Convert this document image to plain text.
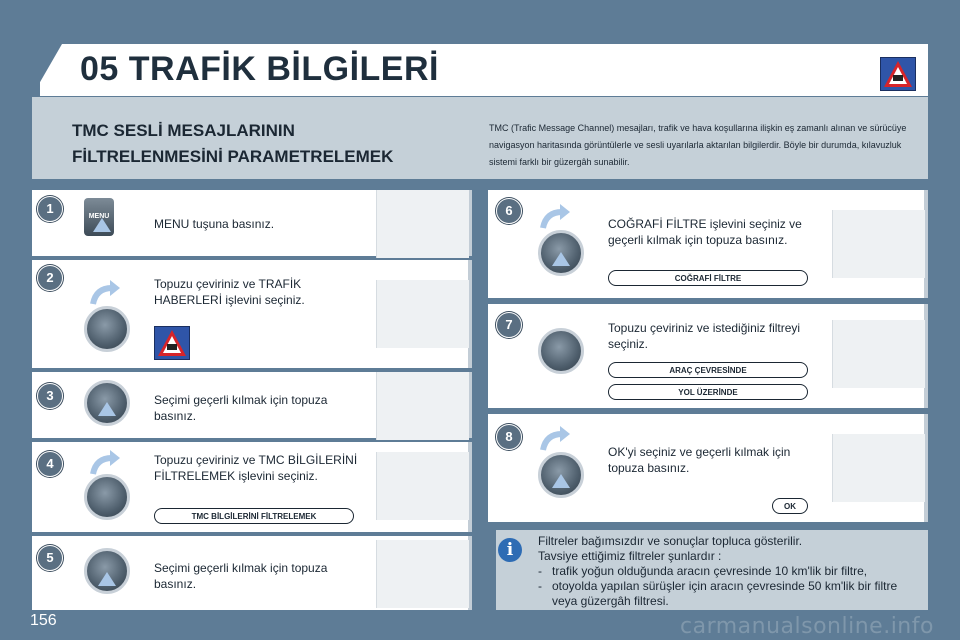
05 TRAFİK BİLGİLERİ
TMC SESLİ MESAJLARININ
FİLTRELENMESİNİ PARAMETRELEMEK
TMC (Trafic Message Channel) mesajları, trafik ve hava koşullarına ilişkin eş zamanlı alınan ve sürücüye navigasyon haritasında görüntülerle ve sesli uyarılarla aktarılan bilgilerdir. Böyle bir durumda, kılavuzluk sistemi farklı bir güzergâh sunabilir.
MENU
MENU tuşuna basınız.
1
Topuzu çeviriniz ve TRAFİK HABERLERİ işlevini seçiniz.
2
Seçimi geçerli kılmak için topuza basınız.
3
Topuzu çeviriniz ve TMC BİLGİLERİNİ FİLTRELEMEK işlevini seçiniz.
TMC BİLGİLERİNİ FİLTRELEMEK
4
Seçimi geçerli kılmak için topuza basınız.
5
COĞRAFİ FİLTRE işlevini seçiniz ve geçerli kılmak için topuza basınız.
COĞRAFİ FİLTRE
6
Topuzu çeviriniz ve istediğiniz filtreyi seçiniz.
ARAÇ ÇEVRESİNDE
YOL ÜZERİNDE
7
OK'yi seçiniz ve geçerli kılmak için topuza basınız.
OK
8
i	Filtreler bağımsızdır ve sonuçlar topluca gösterilir.
Tavsiye ettiğimiz filtreler şunlardır :
- trafik yoğun olduğunda aracın çevresinde 10 km'lik bir filtre,
- otoyolda yapılan sürüşler için aracın çevresinde 50 km'lik bir filtre veya güzergâh filtresi.
156	carmanualsonline.info
